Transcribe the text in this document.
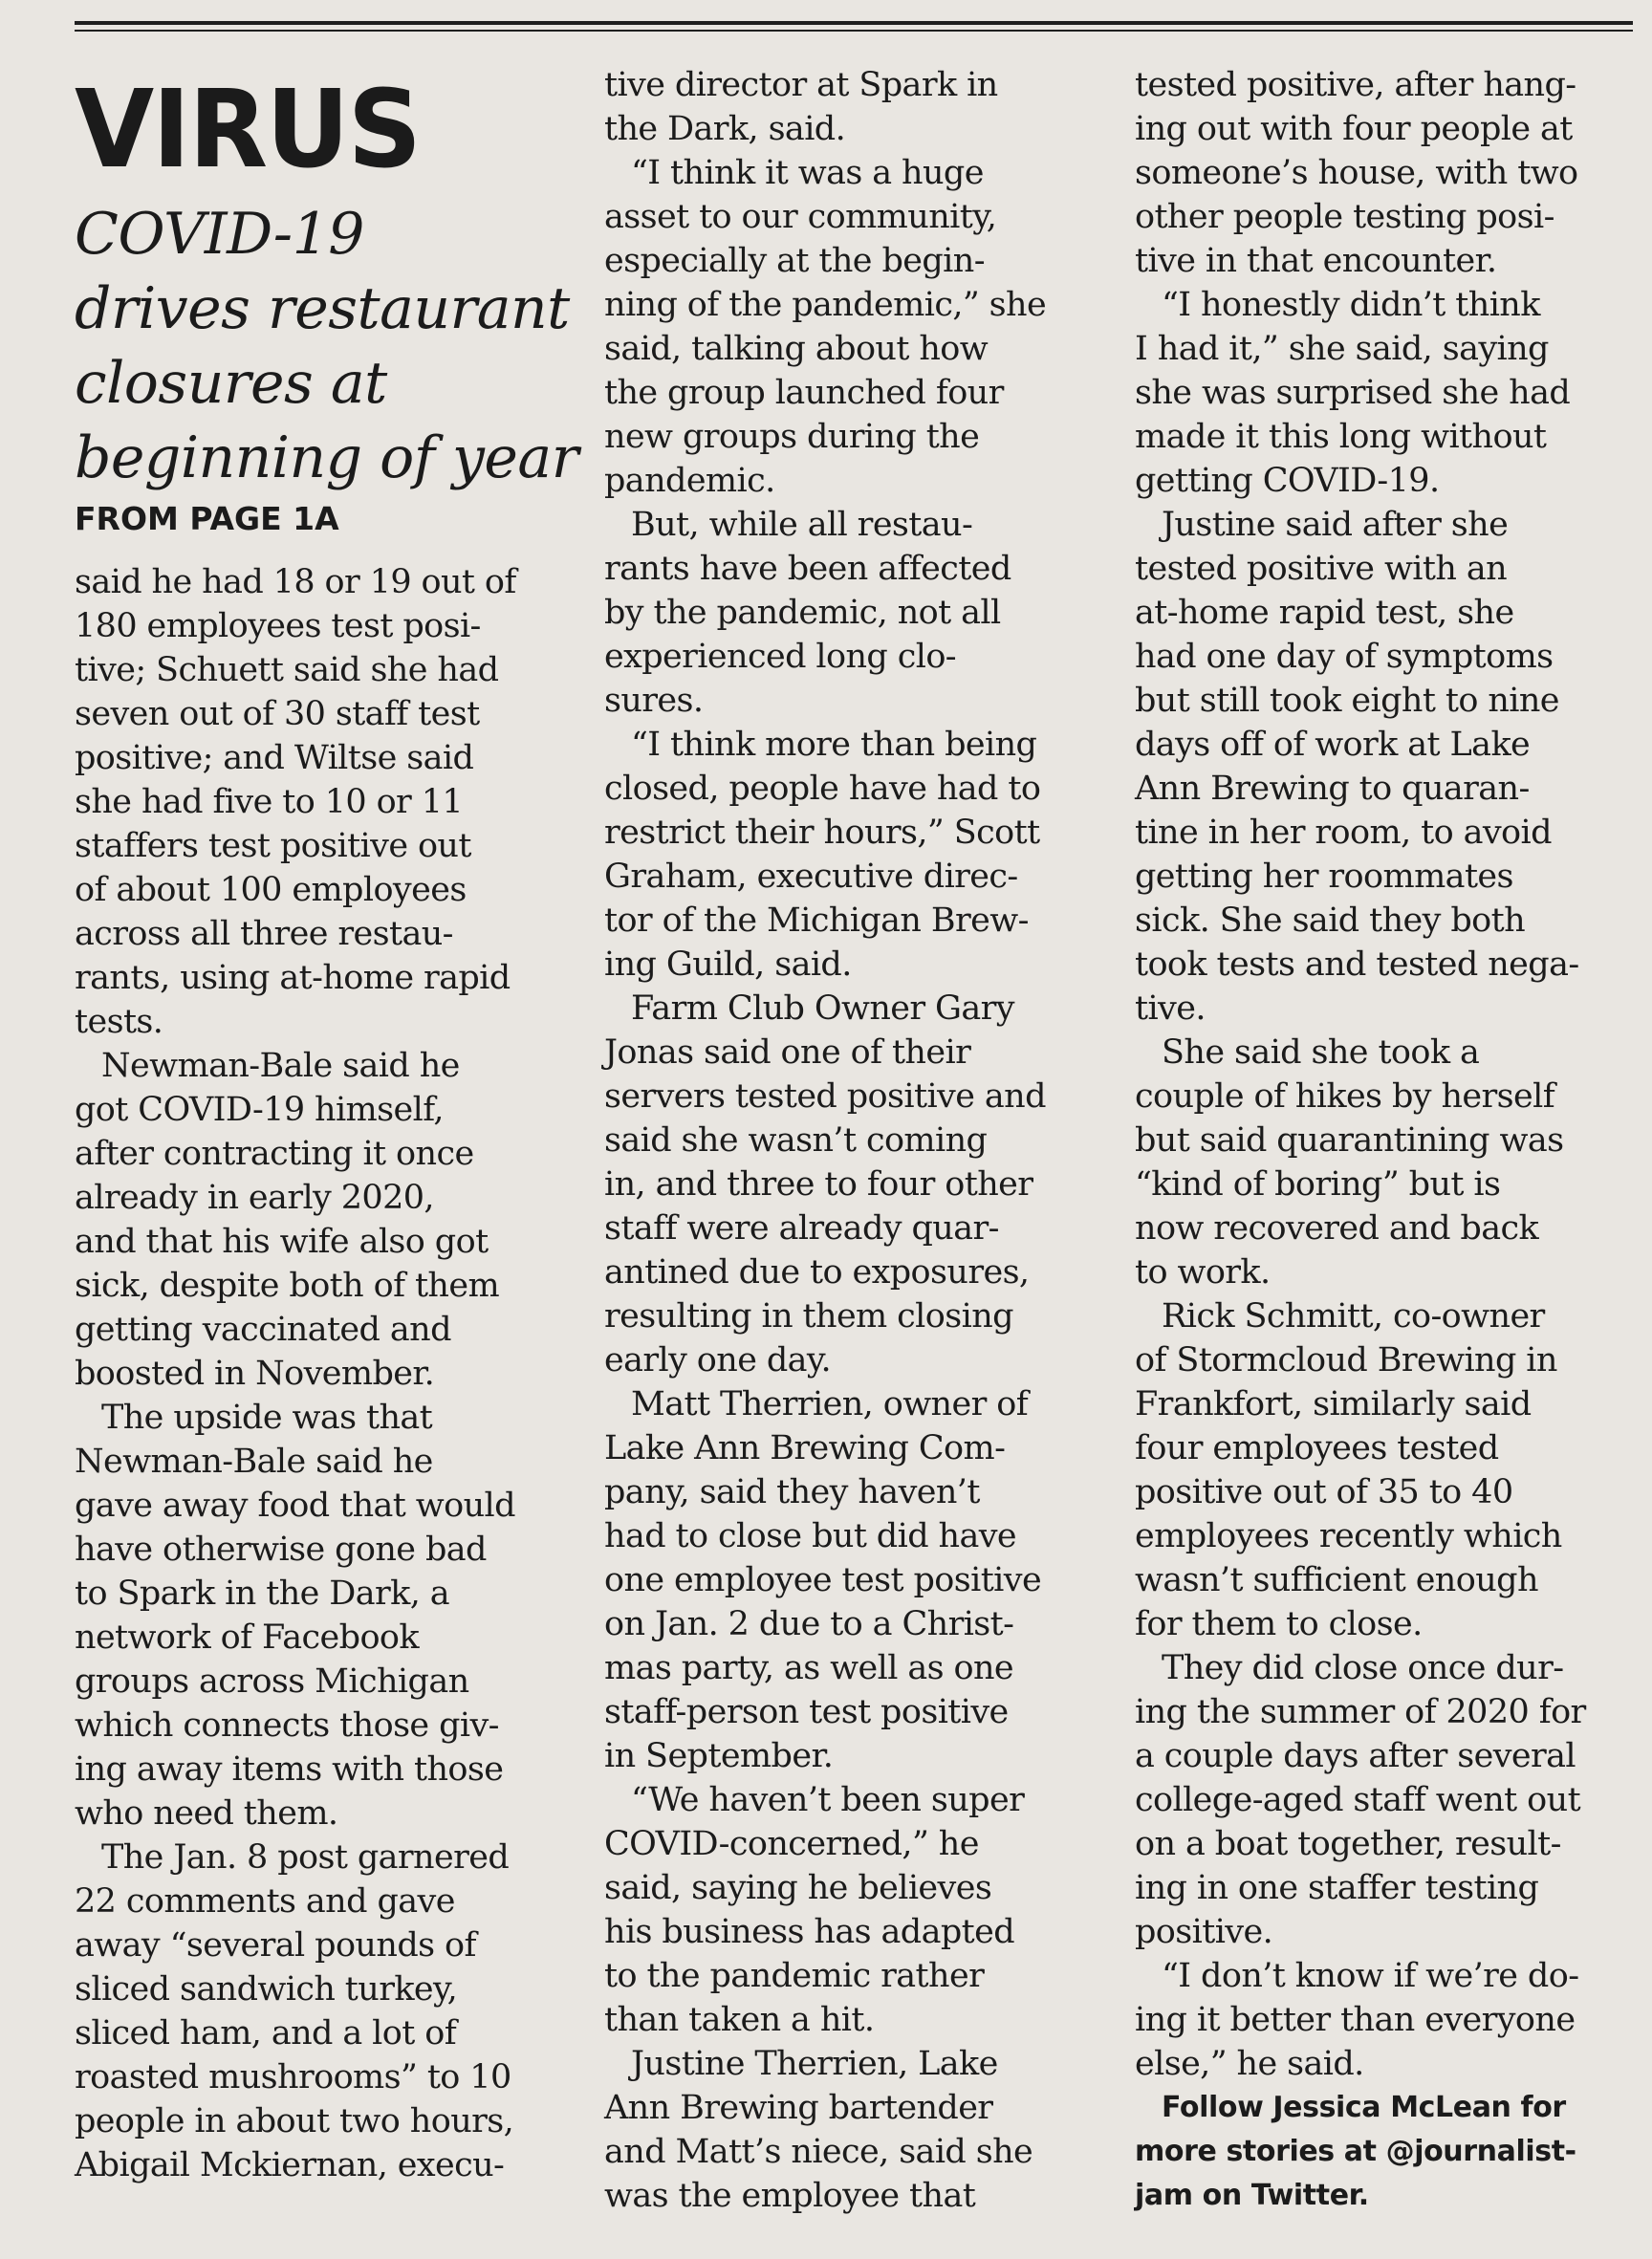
VIRUS
COVID-19
drives restaurant
closures at
beginning of year
FROM PAGE 1A

said he had 18 or 19 out of
180 employees test posi-
tive; Schuett said she had
seven out of 30 staff test
positive; and Wiltse said
she had five to 10 or 11
staffers test positive out
of about 100 employees
across all three restau-
rants, using at-home rapid
tests.

Newman-Bale said he
got COVID-19 himself,
after contracting it once
already in early 2020,
and that his wife also got
sick, despite both of them
getting vaccinated and
boosted in November.

The upside was that
Newman-Bale said he
gave away food that would
have otherwise gone bad
to Spark in the Dark, a
network of Facebook
groups across Michigan
which connects those giv-
ing away items with those
who need them.

The Jan. 8 post garnered
22 comments and gave
away “several pounds of
sliced sandwich turkey,
sliced ham, and a lot of
roasted mushrooms” to 10
people in about two hours,
Abigail Mckiernan, execu-

tive director at Spark in
the Dark, said.

“I think it was a huge
asset to our community,
especially at the begin-
ning of the pandemic,” she
said, talking about how
the group launched four
new groups during the
pandemic.

But, while all restau-
rants have been affected
by the pandemic, not all
experienced long clo-
sures.

“I think more than being
closed, people have had to
restrict their hours,” Scott
Graham, executive direc-
tor of the Michigan Brew-
ing Guild, said.

Farm Club Owner Gary
Jonas said one of their
servers tested positive and
said she wasn’t coming
in, and three to four other
staff were already quar-
antined due to exposures,
resulting in them closing
early one day.

Matt Therrien, owner of
Lake Ann Brewing Com-
pany, said they haven’t
had to close but did have
one employee test positive
on Jan. 2 due to a Christ-
mas party, as well as one
staff-person test positive
in September.

“We haven’t been super
COVID-concerned,” he
said, saying he believes
his business has adapted
to the pandemic rather
than taken a hit.

Justine Therrien, Lake
Ann Brewing bartender
and Matt’s niece, said she
was the employee that

tested positive, after hang-
ing out with four people at
someone’s house, with two
other people testing posi-
tive in that encounter.

“I honestly didn’t think
I had it,” she said, saying
she was surprised she had
made it this long without
getting COVID-19.

Justine said after she
tested positive with an
at-home rapid test, she
had one day of symptoms
but still took eight to nine
days off of work at Lake
Ann Brewing to quaran-
tine in her room, to avoid
getting her roommates
sick. She said they both
took tests and tested nega-
tive.

She said she took a
couple of hikes by herself
but said quarantining was
“kind of boring” but is
now recovered and back
to work.

Rick Schmitt, co-owner
of Stormcloud Brewing in
Frankfort, similarly said
four employees tested
positive out of 35 to 40
employees recently which
wasn’t sufficient enough
for them to close.

They did close once dur-
ing the summer of 2020 for
a couple days after several
college-aged staff went out
on a boat together, result-
ing in one staffer testing
positive.

“I don’t know if we’re do-
ing it better than everyone
else,” he said.

Follow Jessica McLean for
more stories at @journalist-
jam on Twitter.
